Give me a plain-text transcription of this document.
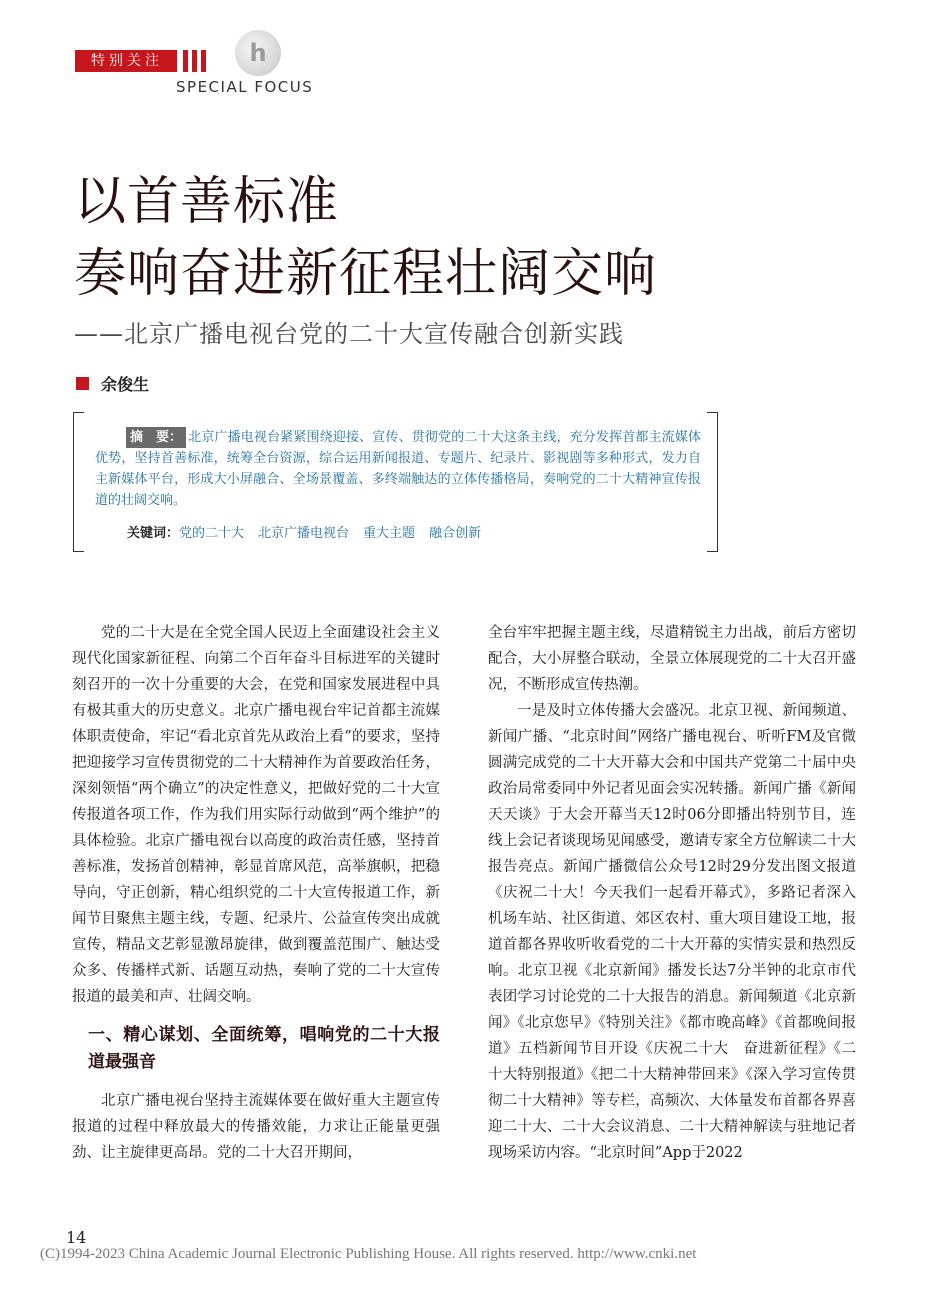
特别关注	h
SPECIAL FOCUS
以首善标准
奏响奋进新征程壮阔交响
——北京广播电视台党的二十大宣传融合创新实践
余俊生
摘　要： 北京广播电视台紧紧围绕迎接、宣传、贯彻党的二十大这条主线，充分发挥首都主流媒体优势，坚持首善标准，统筹全台资源，综合运用新闻报道、专题片、纪录片、影视剧等多种形式，发力自主新媒体平台，形成大小屏融合、全场景覆盖、多终端触达的立体传播格局，奏响党的二十大精神宣传报道的壮阔交响。
关键词：党的二十大 北京广播电视台 重大主题 融合创新

党的二十大是在全党全国人民迈上全面建设社会主义现代化国家新征程、向第二个百年奋斗目标进军的关键时刻召开的一次十分重要的大会，在党和国家发展进程中具有极其重大的历史意义。北京广播电视台牢记首都主流媒体职责使命，牢记“看北京首先从政治上看”的要求，坚持把迎接学习宣传贯彻党的二十大精神作为首要政治任务，深刻领悟“两个确立”的决定性意义，把做好党的二十大宣传报道各项工作，作为我们用实际行动做到“两个维护”的具体检验。北京广播电视台以高度的政治责任感，坚持首善标准，发扬首创精神，彰显首席风范，高举旗帜，把稳导向，守正创新，精心组织党的二十大宣传报道工作，新闻节目聚焦主题主线，专题、纪录片、公益宣传突出成就宣传，精品文艺彰显激昂旋律，做到覆盖范围广、触达受众多、传播样式新、话题互动热，奏响了党的二十大宣传报道的最美和声、壮阔交响。

一、精心谋划、全面统筹，唱响党的二十大报道最强音

北京广播电视台坚持主流媒体要在做好重大主题宣传报道的过程中释放最大的传播效能，力求让正能量更强劲、让主旋律更高昂。党的二十大召开期间，

全台牢牢把握主题主线，尽遣精锐主力出战，前后方密切配合，大小屏整合联动，全景立体展现党的二十大召开盛况，不断形成宣传热潮。

一是及时立体传播大会盛况。北京卫视、新闻频道、新闻广播、“北京时间”网络广播电视台、听听FM及官微圆满完成党的二十大开幕大会和中国共产党第二十届中央政治局常委同中外记者见面会实况转播。新闻广播《新闻天天谈》于大会开幕当天12时06分即播出特别节目，连线上会记者谈现场见闻感受，邀请专家全方位解读二十大报告亮点。新闻广播微信公众号12时29分发出图文报道《庆祝二十大！今天我们一起看开幕式》，多路记者深入机场车站、社区街道、郊区农村、重大项目建设工地，报道首都各界收听收看党的二十大开幕的实情实景和热烈反响。北京卫视《北京新闻》播发长达7分半钟的北京市代表团学习讨论党的二十大报告的消息。新闻频道《北京新闻》《北京您早》《特别关注》《都市晚高峰》《首都晚间报道》五档新闻节目开设《庆祝二十大　奋进新征程》《二十大特别报道》《把二十大精神带回来》《深入学习宣传贯彻二十大精神》等专栏，高频次、大体量发布首都各界喜迎二十大、二十大会议消息、二十大精神解读与驻地记者现场采访内容。“北京时间”App于2022

14
(C)1994-2023 China Academic Journal Electronic Publishing House. All rights reserved. http://www.cnki.net
